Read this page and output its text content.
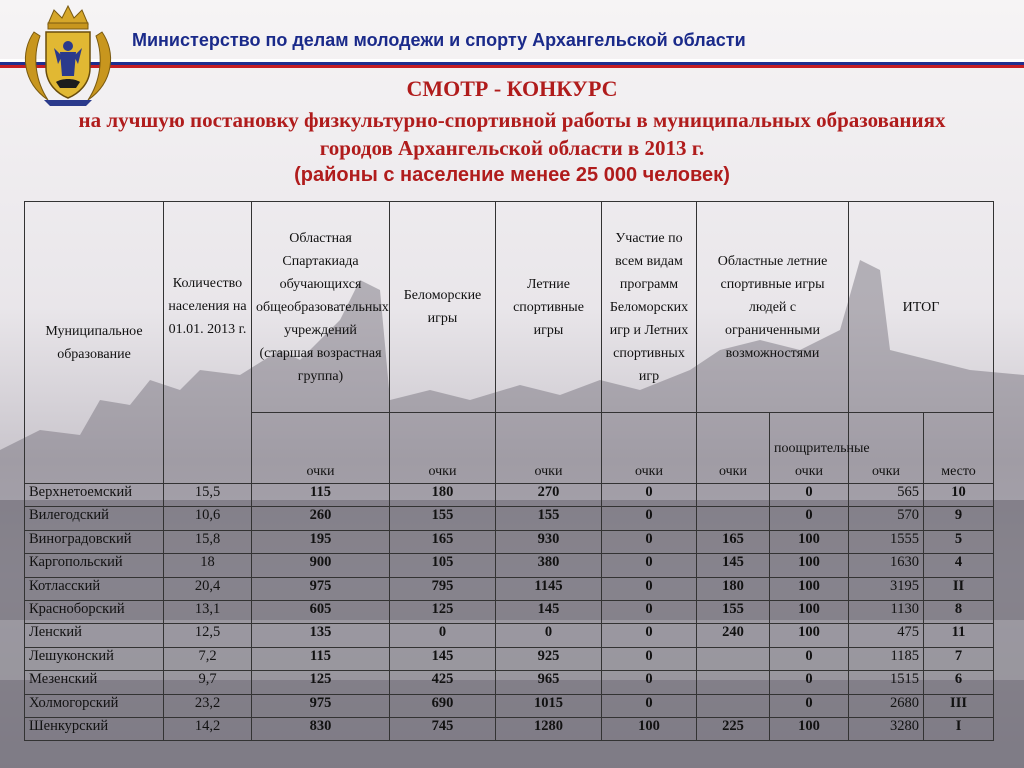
Министерство по делам молодежи и спорту Архангельской области
СМОТР - КОНКУРС
на лучшую постановку физкультурно-спортивной работы в муниципальных образованиях городов Архангельской области в 2013 г.
(районы с население менее 25 000 человек)
Муниципальное образование	Количество населения на 01.01. 2013 г.	Областная Спартакиада обучающихся общеобразовательных учреждений (старшая возрастная группа)	Беломорские игры	Летние спортивные игры	Участие по всем видам программ Беломорских игр и Летних спортивных игр	Областные летние спортивные игры людей с ограниченными возможностями		ИТОГ	
		очки	очки	очки	очки	очки	поощрительные очки	очки	место
Верхнетоемский	15,5	115	180	270	0		0	565	10
Вилегодский	10,6	260	155	155	0		0	570	9
Виноградовский	15,8	195	165	930	0	165	100	1555	5
Каргопольский	18	900	105	380	0	145	100	1630	4
Котласский	20,4	975	795	1145	0	180	100	3195	II
Красноборский	13,1	605	125	145	0	155	100	1130	8
Ленский	12,5	135	0	0	0	240	100	475	11
Лешуконский	7,2	115	145	925	0		0	1185	7
Мезенский	9,7	125	425	965	0		0	1515	6
Холмогорский	23,2	975	690	1015	0		0	2680	III
Шенкурский	14,2	830	745	1280	100	225	100	3280	I
